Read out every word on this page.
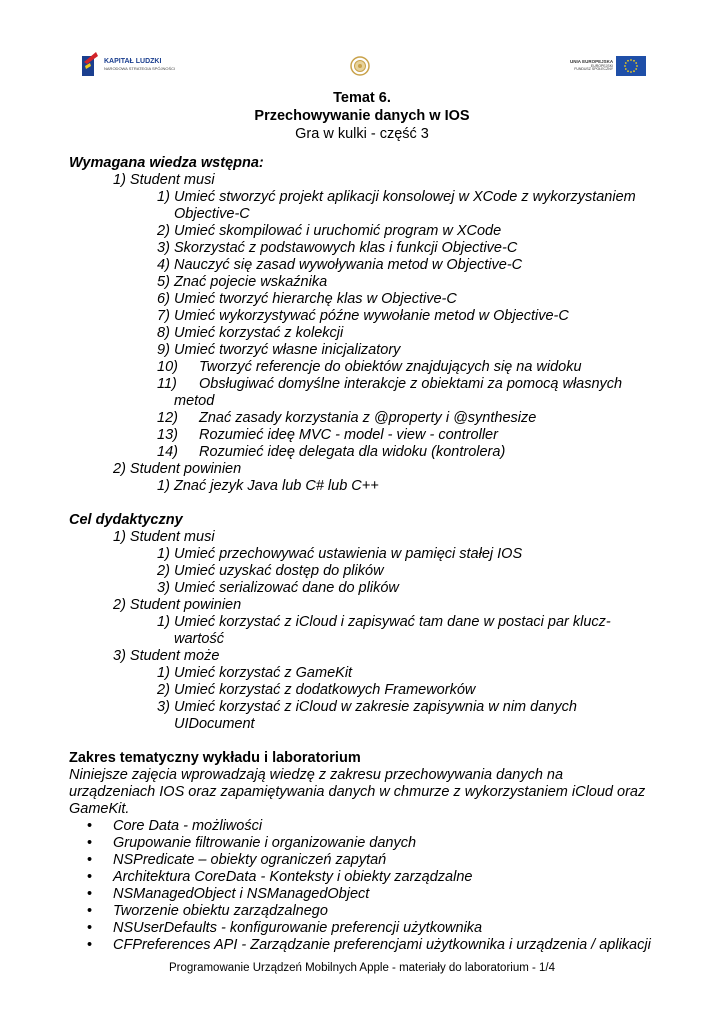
KAPITAŁ LUDZKI
NARODOWA STRATEGIA SPÓJNOŚCI
UNIA EUROPEJSKA
EUROPEJSKI
FUNDUSZ SPOŁECZNY
Temat 6.
Przechowywanie danych w IOS
Gra w kulki - część 3
Wymagana wiedza wstępna:
1) Student musi
1) Umieć stworzyć projekt aplikacji konsolowej w XCode z wykorzystaniem
Objective-C
2) Umieć skompilować i uruchomić program w XCode
3) Skorzystać z podstawowych klas i funkcji Objective-C
4) Nauczyć się zasad wywoływania metod w Objective-C
5) Znać pojecie wskaźnika
6) Umieć tworzyć hierarchę klas w Objective-C
7) Umieć wykorzystywać późne wywołanie metod w Objective-C
8) Umieć korzystać z kolekcji
9) Umieć tworzyć własne inicjalizatory
10) Tworzyć referencje do obiektów znajdujących się na widoku
11) Obsługiwać domyślne interakcje z obiektami za pomocą własnych
metod
12) Znać zasady korzystania z @property i @synthesize
13) Rozumieć ideę MVC - model - view - controller
14) Rozumieć ideę delegata dla widoku (kontrolera)
2) Student powinien
1) Znać jezyk Java lub C# lub C++
Cel dydaktyczny
1) Student musi
1) Umieć przechowywać ustawienia w pamięci stałej IOS
2) Umieć uzyskać dostęp do plików
3) Umieć serializować dane do plików
2) Student powinien
1) Umieć korzystać z iCloud i zapisywać tam dane w postaci par klucz-
wartość
3) Student może
1) Umieć korzystać z GameKit
2) Umieć korzystać z dodatkowych Frameworków
3) Umieć korzystać z iCloud w zakresie zapisywnia w nim danych
UIDocument
Zakres tematyczny wykładu i laboratorium
Niniejsze zajęcia wprowadzają wiedzę z zakresu przechowywania danych na
urządzeniach IOS oraz zapamiętywania danych w chmurze z wykorzystaniem iCloud oraz
GameKit.
• Core Data - możliwości
• Grupowanie filtrowanie i organizowanie danych
• NSPredicate – obiekty ograniczeń zapytań
• Architektura CoreData - Konteksty i obiekty zarządzalne
• NSManagedObject i NSManagedObject
• Tworzenie obiektu zarządzalnego
• NSUserDefaults - konfigurowanie preferencji użytkownika
• CFPreferences API - Zarządzanie preferencjami użytkownika i urządzenia / aplikacji
Programowanie Urządzeń Mobilnych Apple - materiały do laboratorium - 1/4
